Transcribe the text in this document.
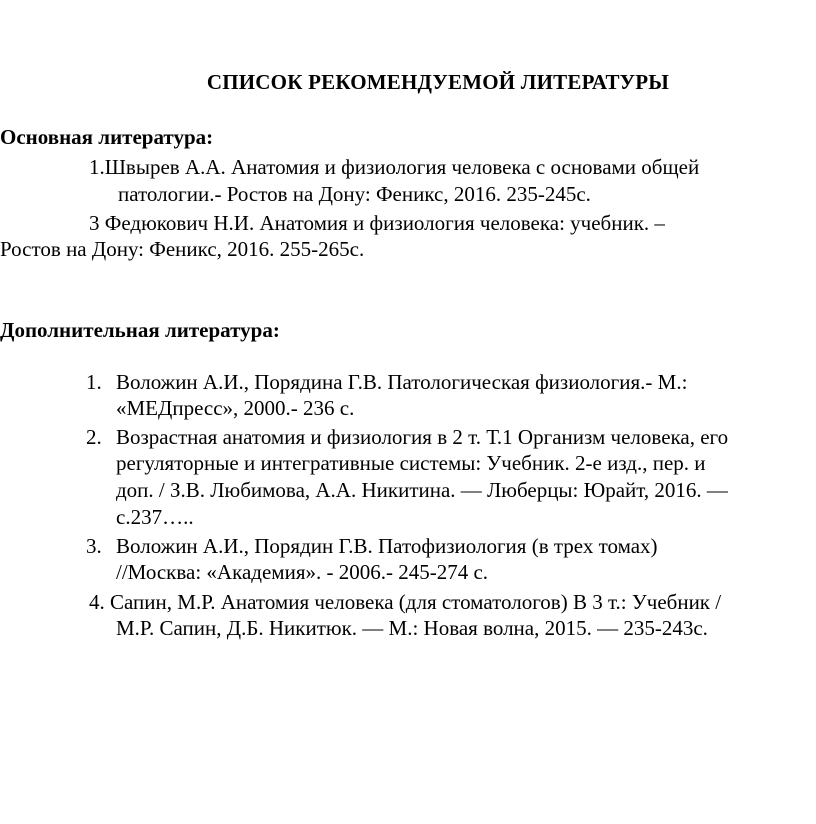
СПИСОК РЕКОМЕНДУЕМОЙ ЛИТЕРАТУРЫ
Основная литература:
1.Швырев А.А. Анатомия и физиология человека с основами общей
патологии.- Ростов на Дону: Феникс, 2016. 235-245с.
3 Федюкович Н.И. Анатомия и физиология человека: учебник. –
Ростов на Дону: Феникс, 2016. 255-265с.
Дополнительная литература:
1. Воложин А.И., Порядина Г.В. Патологическая физиология.- М.:
«МЕДпресс», 2000.- 236 с.
2. Возрастная анатомия и физиология в 2 т. Т.1 Организм человека, его
регуляторные и интегративные системы: Учебник. 2-е изд., пер. и
доп. / З.В. Любимова, А.А. Никитина. — Люберцы: Юрайт, 2016. —
с.237…..
3. Воложин А.И., Порядин Г.В. Патофизиология (в трех томах)
//Москва: «Академия». - 2006.- 245-274 с.
4. Сапин, М.Р. Анатомия человека (для стоматологов) В 3 т.: Учебник /
М.Р. Сапин, Д.Б. Никитюк. — М.: Новая волна, 2015. — 235-243с.
